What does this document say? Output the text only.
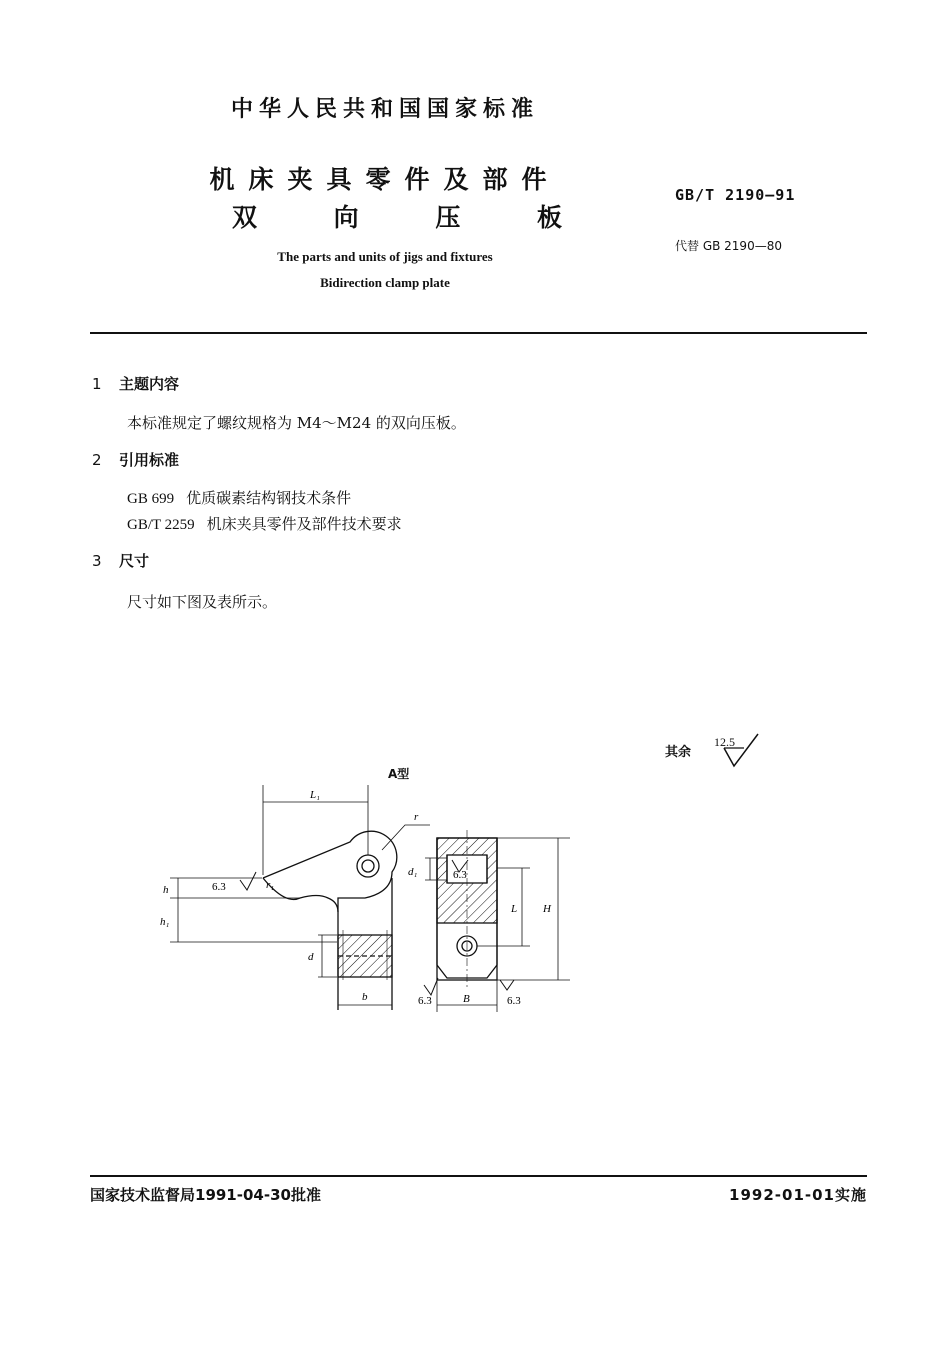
中华人民共和国国家标准
机床夹具零件及部件
双	向	压	板
The parts and units of jigs and fixtures
Bidirection clamp plate
GB/T 2190—91
代替 GB 2190—80
1 主题内容
本标准规定了螺纹规格为 M4～M24 的双向压板。
2 引用标准
GB 699 优质碳素结构钢技术条件
GB/T 2259 机床夹具零件及部件技术要求
3 尺寸
尺寸如下图及表所示。
其余
12.5
A型
L₁
r
r₁
6.3
h
h₁
d
b
d₁	6.3
L H
B
6.3	6.3
国家技术监督局1991-04-30批准	1992-01-01实施
